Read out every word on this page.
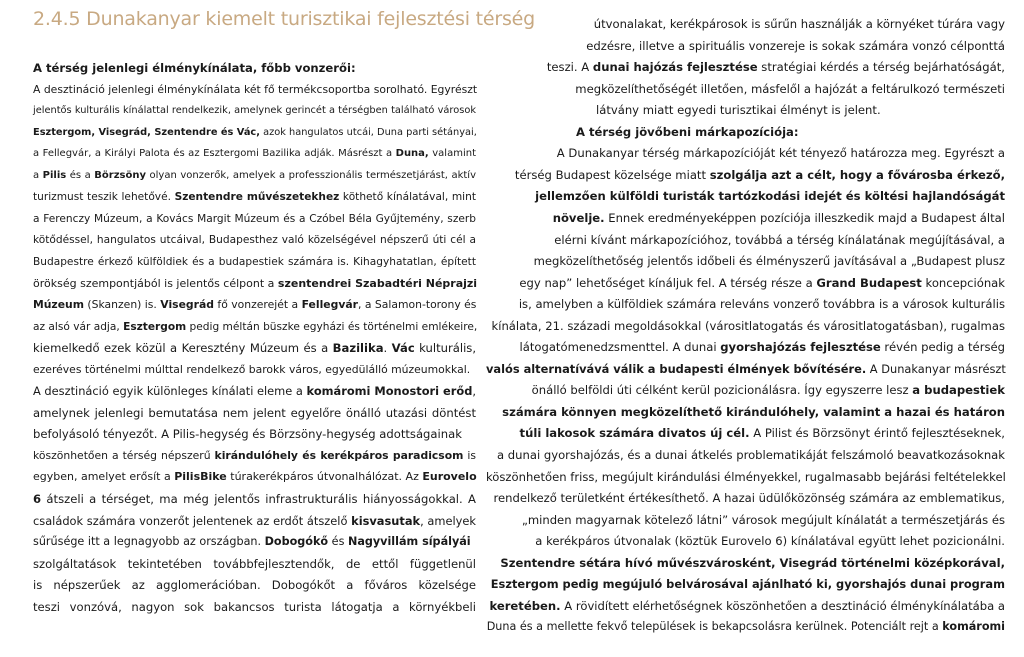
2.4.5 Dunakanyar kiemelt turisztikai fejlesztési térség
A térség jelenlegi élménykínálata, főbb vonzerői:
A desztináció jelenlegi élménykínálata két fő termékcsoportba sorolható. Egyrészt
jelentős kulturális kínálattal rendelkezik, amelynek gerincét a térségben található városok
Esztergom, Visegrád, Szentendre és Vác, azok hangulatos utcái, Duna parti sétányai,
a Fellegvár, a Királyi Palota és az Esztergomi Bazilika adják. Másrészt a Duna, valamint
a Pilis és a Börzsöny olyan vonzerők, amelyek a professzionális természetjárást, aktív
turizmust teszik lehetővé. Szentendre művészetekhez köthető kínálatával, mint
a Ferenczy Múzeum, a Kovács Margit Múzeum és a Czóbel Béla Gyűjtemény, szerb
kötődéssel, hangulatos utcáival, Budapesthez való közelségével népszerű úti cél a
Budapestre érkező külföldiek és a budapestiek számára is. Kihagyhatatlan, épített
örökség szempontjából is jelentős célpont a szentendrei Szabadtéri Néprajzi
Múzeum (Skanzen) is. Visegrád fő vonzerejét a Fellegvár, a Salamon-torony és
az alsó vár adja, Esztergom pedig méltán büszke egyházi és történelmi emlékeire,
kiemelkedő ezek közül a Keresztény Múzeum és a Bazilika. Vác kulturális,
ezeréves történelmi múlttal rendelkező barokk város, egyedülálló múzeumokkal.
A desztináció egyik különleges kínálati eleme a komáromi Monostori erőd,
amelynek jelenlegi bemutatása nem jelent egyelőre önálló utazási döntést
befolyásoló tényezőt. A Pilis-hegység és Börzsöny-hegység adottságainak
köszönhetően a térség népszerű kirándulóhely és kerékpáros paradicsom is
egyben, amelyet erősít a PilisBike túrakerékpáros útvonalhálózat. Az Eurovelo
6 átszeli a térséget, ma még jelentős infrastrukturális hiányosságokkal. A
családok számára vonzerőt jelentenek az erdőt átszelő kisvasutak, amelyek
sűrűsége itt a legnagyobb az országban. Dobogókő és Nagyvillám sípályái
szolgáltatások tekintetében továbbfejlesztendők, de ettől függetlenül
is népszerűek az agglomerációban. Dobogókőt a főváros közelsége
teszi vonzóvá, nagyon sok bakancsos turista látogatja a környékbeli
útvonalakat, kerékpárosok is sűrűn használják a környéket túrára vagy
edzésre, illetve a spirituális vonzereje is sokak számára vonzó célponttá
teszi. A dunai hajózás fejlesztése stratégiai kérdés a térség bejárhatóságát,
megközelíthetőségét illetően, másfelől a hajózát a feltárulkozó természeti
látvány miatt egyedi turisztikai élményt is jelent.
A térség jövőbeni márkapozíciója:
A Dunakanyar térség márkapozícióját két tényező határozza meg. Egyrészt a
térség Budapest közelsége miatt szolgálja azt a célt, hogy a fővárosba érkező,
jellemzően külföldi turisták tartózkodási idejét és költési hajlandóságát
növelje. Ennek eredményeképpen pozíciója illeszkedik majd a Budapest által
elérni kívánt márkapozícióhoz, továbbá a térség kínálatának megújításával, a
megközelíthetőség jelentős időbeli és élményszerű javításával a „Budapest plusz
egy nap” lehetőséget kínáljuk fel. A térség része a Grand Budapest koncepciónak
is, amelyben a külföldiek számára releváns vonzerő továbbra is a városok kulturális
kínálata, 21. századi megoldásokkal (várositlatogatás és várositlatogatásban), rugalmas
látogatómenedzsmenttel. A dunai gyorshajózás fejlesztése révén pedig a térség
valós alternatívává válik a budapesti élmények bővítésére. A Dunakanyar másrészt
önálló belföldi úti célként kerül pozicionálásra. Így egyszerre lesz a budapestiek
számára könnyen megközelíthető kirándulóhely, valamint a hazai és határon
túli lakosok számára divatos új cél. A Pilist és Börzsönyt érintő fejlesztéseknek,
a dunai gyorshajózás, és a dunai átkelés problematikáját felszámoló beavatkozásoknak
köszönhetően friss, megújult kirándulási élményekkel, rugalmasabb bejárási feltételekkel
rendelkező területként értékesíthető. A hazai üdülőközönség számára az emblematikus,
„minden magyarnak kötelező látni” városok megújult kínálatát a természetjárás és
a kerékpáros útvonalak (köztük Eurovelo 6) kínálatával együtt lehet pozicionálni.
Szentendre sétára hívó művészvárosként, Visegrád történelmi középkorával,
Esztergom pedig megújuló belvárosával ajánlható ki, gyorshajós dunai program
keretében. A rövidített elérhetőségnek köszönhetően a desztináció élménykínálatába a
Duna és a mellette fekvő települések is bekapcsolásra kerülnek. Potenciált rejt a komáromi
